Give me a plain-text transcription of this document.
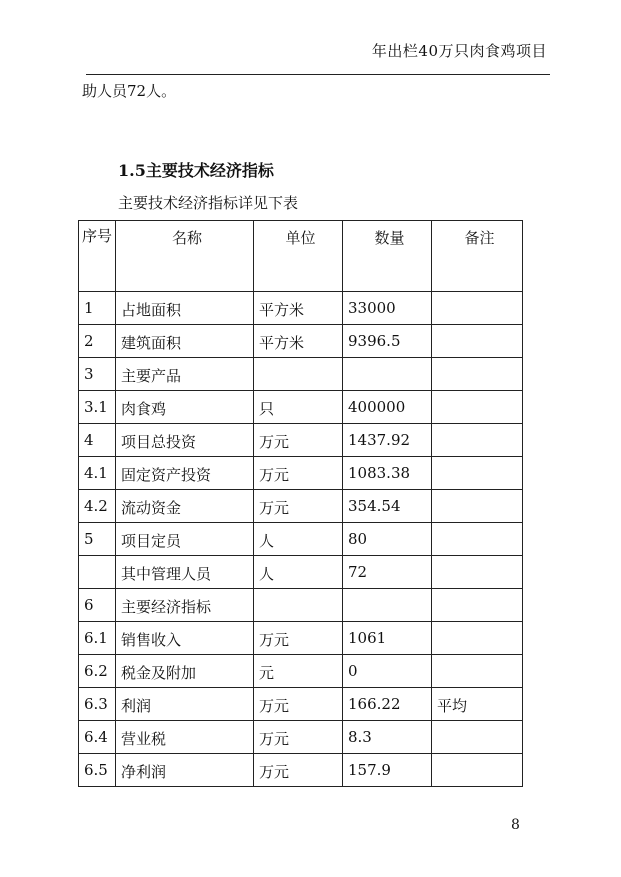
年出栏40万只肉食鸡项目
助人员72人。
1.5主要技术经济指标
主要技术经济指标详见下表
序号	名称	单位	数量	备注
1	占地面积	平方米	33000	
2	建筑面积	平方米	9396.5	
3	主要产品			
3.1	肉食鸡	只	400000	
4	项目总投资	万元	1437.92	
4.1	固定资产投资	万元	1083.38	
4.2	流动资金	万元	354.54	
5	项目定员	人	80	
	其中管理人员	人	72	
6	主要经济指标			
6.1	销售收入	万元	1061	
6.2	税金及附加	元	0	
6.3	利润	万元	166.22	平均
6.4	营业税	万元	8.3	
6.5	净利润	万元	157.9	
8
